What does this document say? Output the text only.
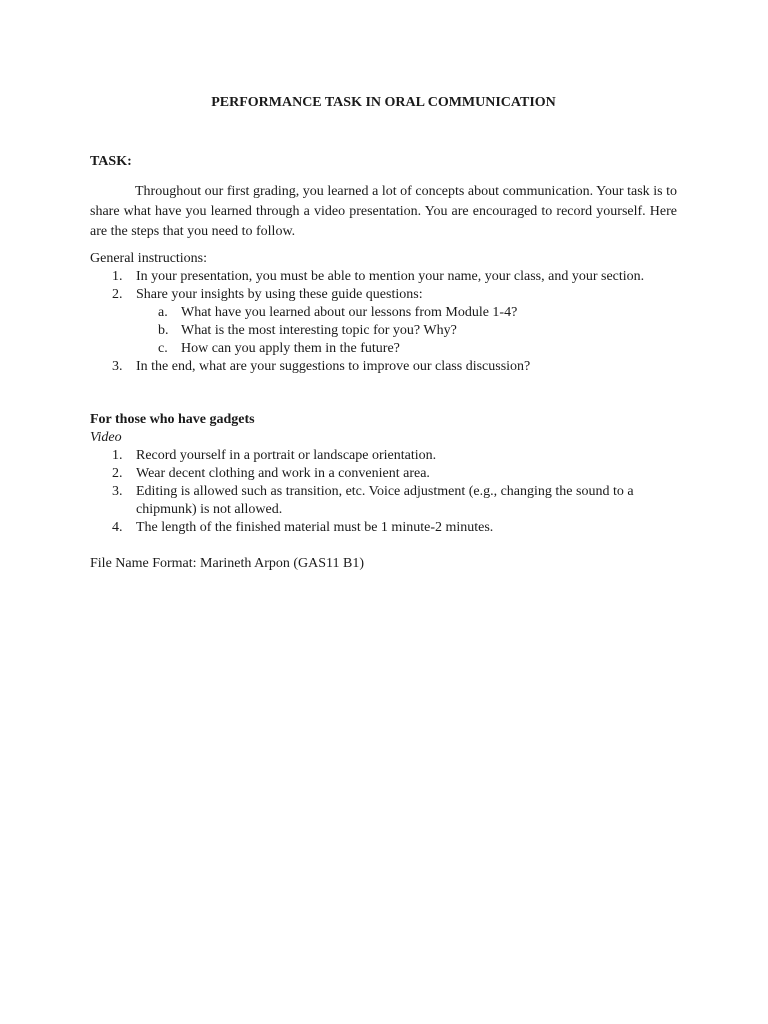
PERFORMANCE TASK IN ORAL COMMUNICATION

TASK:

Throughout our first grading, you learned a lot of concepts about communication. Your task is to share what have you learned through a video presentation. You are encouraged to record yourself. Here are the steps that you need to follow.

General instructions:

1. In your presentation, you must be able to mention your name, your class, and your section.
2. Share your insights by using these guide questions:
a. What have you learned about our lessons from Module 1-4?
b. What is the most interesting topic for you? Why?
c. How can you apply them in the future?
3. In the end, what are your suggestions to improve our class discussion?

For those who have gadgets

Video

1. Record yourself in a portrait or landscape orientation.
2. Wear decent clothing and work in a convenient area.
3. Editing is allowed such as transition, etc. Voice adjustment (e.g., changing the sound to a chipmunk) is not allowed.
4. The length of the finished material must be 1 minute-2 minutes.

File Name Format: Marineth Arpon (GAS11 B1)
